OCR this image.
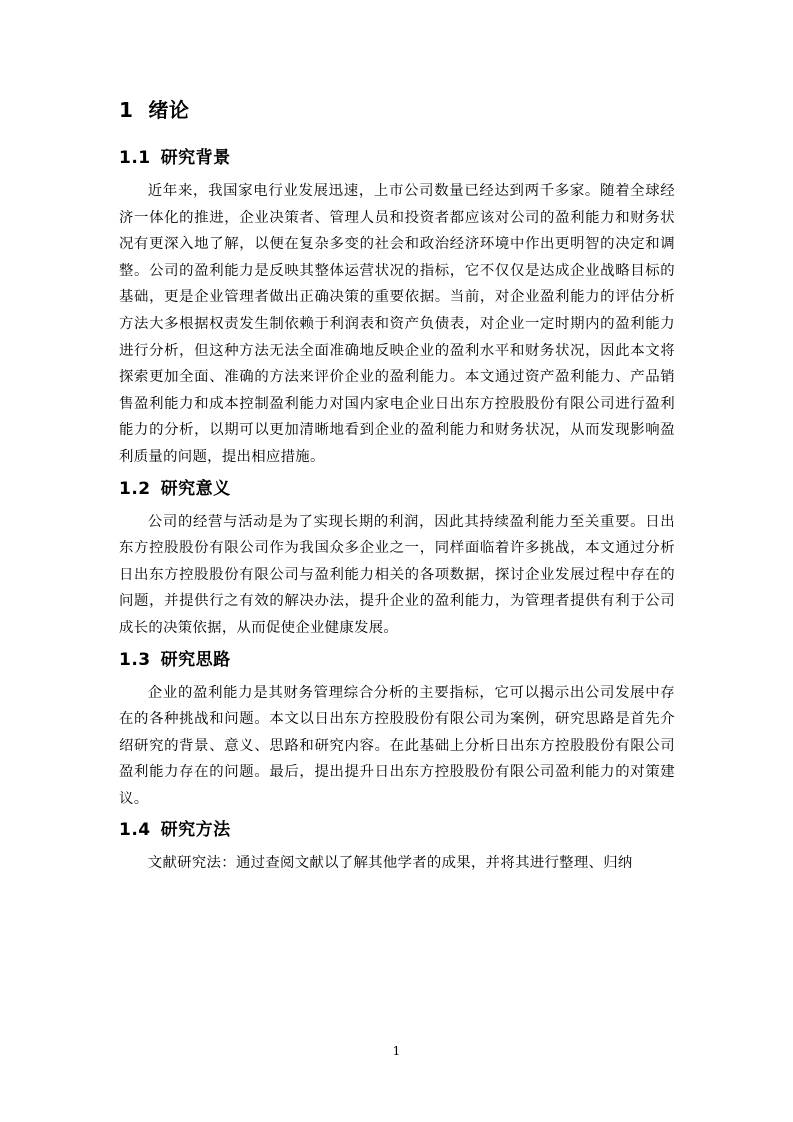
1 绪论
1.1 研究背景

近年来，我国家电行业发展迅速，上市公司数量已经达到两千多家。随着全球经济一体化的推进，企业决策者、管理人员和投资者都应该对公司的盈利能力和财务状况有更深入地了解，以便在复杂多变的社会和政治经济环境中作出更明智的决定和调整。公司的盈利能力是反映其整体运营状况的指标，它不仅仅是达成企业战略目标的基础，更是企业管理者做出正确决策的重要依据。当前，对企业盈利能力的评估分析方法大多根据权责发生制依赖于利润表和资产负债表，对企业一定时期内的盈利能力进行分析，但这种方法无法全面准确地反映企业的盈利水平和财务状况，因此本文将探索更加全面、准确的方法来评价企业的盈利能力。本文通过资产盈利能力、产品销售盈利能力和成本控制盈利能力对国内家电企业日出东方控股股份有限公司进行盈利能力的分析，以期可以更加清晰地看到企业的盈利能力和财务状况，从而发现影响盈利质量的问题，提出相应措施。

1.2 研究意义

公司的经营与活动是为了实现长期的利润，因此其持续盈利能力至关重要。日出东方控股股份有限公司作为我国众多企业之一，同样面临着许多挑战，本文通过分析日出东方控股股份有限公司与盈利能力相关的各项数据，探讨企业发展过程中存在的问题，并提供行之有效的解决办法，提升企业的盈利能力，为管理者提供有利于公司成长的决策依据，从而促使企业健康发展。

1.3 研究思路

企业的盈利能力是其财务管理综合分析的主要指标，它可以揭示出公司发展中存在的各种挑战和问题。本文以日出东方控股股份有限公司为案例，研究思路是首先介绍研究的背景、意义、思路和研究内容。在此基础上分析日出东方控股股份有限公司盈利能力存在的问题。最后，提出提升日出东方控股股份有限公司盈利能力的对策建议。

1.4 研究方法

文献研究法：通过查阅文献以了解其他学者的成果，并将其进行整理、归纳

1
